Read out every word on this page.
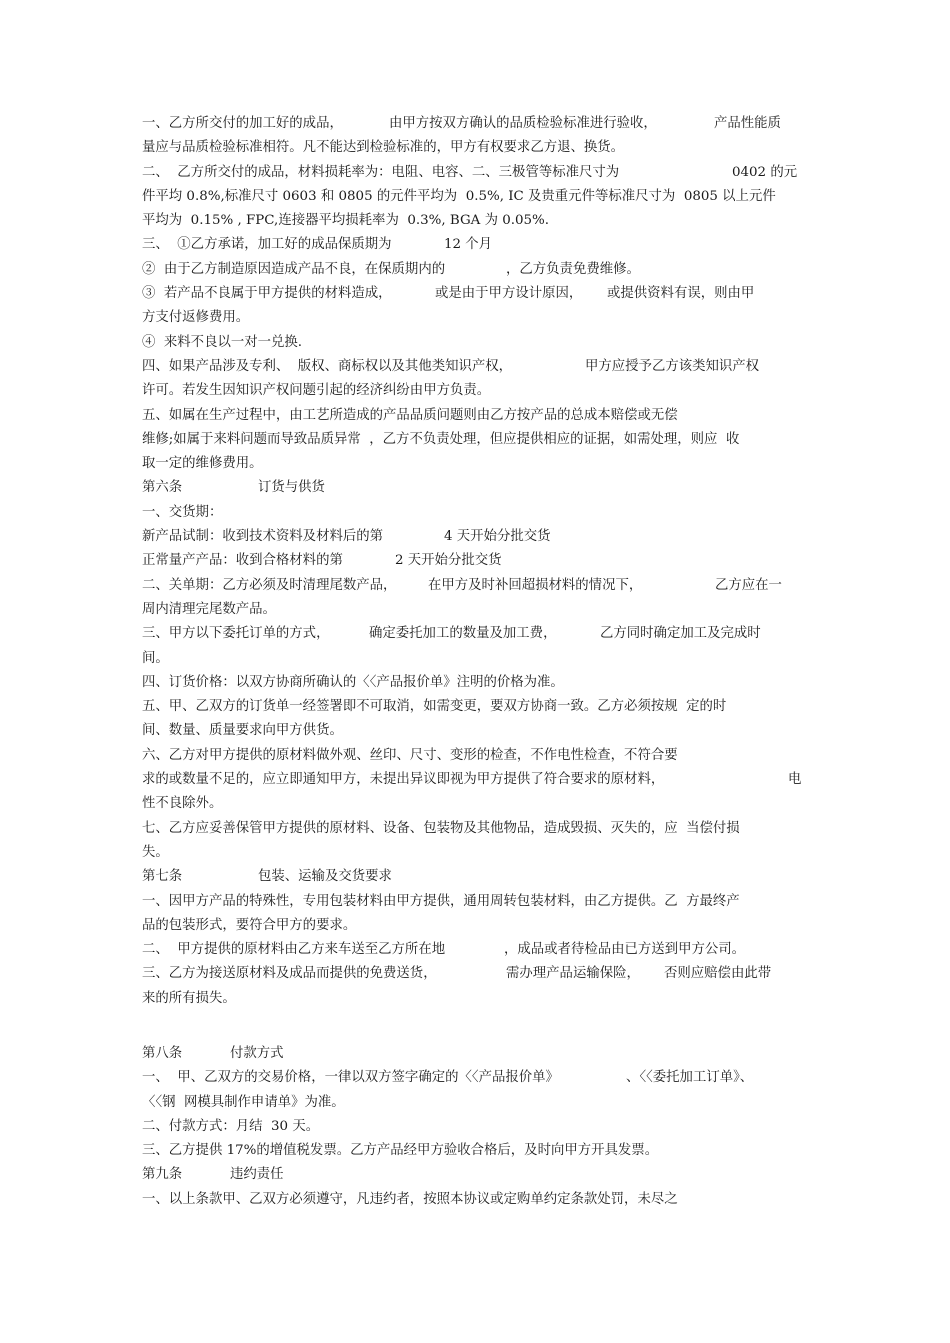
一、乙方所交付的加工好的成品，	由甲方按双方确认的品质检验标准进行验收，	产品性能质
量应与品质检验标准相符。凡不能达到检验标准的，甲方有权要求乙方退、换货。
二、  乙方所交付的成品，材料损耗率为：电阻、电容、二、三极管等标准尺寸为	0402 的元
件平均 0.8%,标准尺寸 0603 和 0805 的元件平均为  0.5%, IC 及贵重元件等标准尺寸为  0805 以上元件
平均为  0.15% , FPC,连接器平均损耗率为  0.3%, BGA 为 0.05%.
三、  ①乙方承诺，加工好的成品保质期为	12 个月
②  由于乙方制造原因造成产品不良，在保质期内的	，乙方负责免费维修。
③  若产品不良属于甲方提供的材料造成，	或是由于甲方设计原因， 或提供资料有误，则由甲
方支付返修费用。
④  来料不良以一对一兑换.
四、如果产品涉及专利、  版权、商标权以及其他类知识产权，	甲方应授予乙方该类知识产权
许可。若发生因知识产权问题引起的经济纠纷由甲方负责。
五、如属在生产过程中，由工艺所造成的产品品质问题则由乙方按产品的总成本赔偿或无偿
维修;如属于来料问题而导致品质异常  ，乙方不负责处理，但应提供相应的证据，如需处理，则应  收
取一定的维修费用。
第六条	订货与供货
一、交货期：
新产品试制：收到技术资料及材料后的第	4 天开始分批交货
正常量产产品：收到合格材料的第	2 天开始分批交货
二、关单期：乙方必须及时清理尾数产品， 在甲方及时补回超损材料的情况下，	乙方应在一
周内清理完尾数产品。
三、甲方以下委托订单的方式，	确定委托加工的数量及加工费，	乙方同时确定加工及完成时
间。
四、订货价格：以双方协商所确认的〈〈产品报价单》注明的价格为准。
五、甲、乙双方的订货单一经签署即不可取消，如需变更，要双方协商一致。乙方必须按规  定的时
间、数量、质量要求向甲方供货。
六、乙方对甲方提供的原材料做外观、丝印、尺寸、变形的检查，不作电性检查，不符合要
求的或数量不足的，应立即通知甲方，未提出异议即视为甲方提供了符合要求的原材料，	电
性不良除外。
七、乙方应妥善保管甲方提供的原材料、设备、包装物及其他物品，造成毁损、灭失的，应  当偿付损
失。
第七条	包装、运输及交货要求
一、因甲方产品的特殊性，专用包装材料由甲方提供，通用周转包装材料，由乙方提供。乙  方最终产
品的包装形式，要符合甲方的要求。
二、  甲方提供的原材料由乙方来车送至乙方所在地	，成品或者待检品由已方送到甲方公司。
三、乙方为接送原材料及成品而提供的免费送货，	需办理产品运输保险， 否则应赔偿由此带
来的所有损失。
第八条	付款方式
一、  甲、乙双方的交易价格，一律以双方签字确定的〈〈产品报价单》	、〈〈委托加工订单》、
〈〈钢  网模具制作申请单》为准。
二、付款方式：月结  30 天。
三、乙方提供 17%的增值税发票。乙方产品经甲方验收合格后，及时向甲方开具发票。
第九条	违约责任
一、以上条款甲、乙双方必须遵守，凡违约者，按照本协议或定购单约定条款处罚，未尽之
